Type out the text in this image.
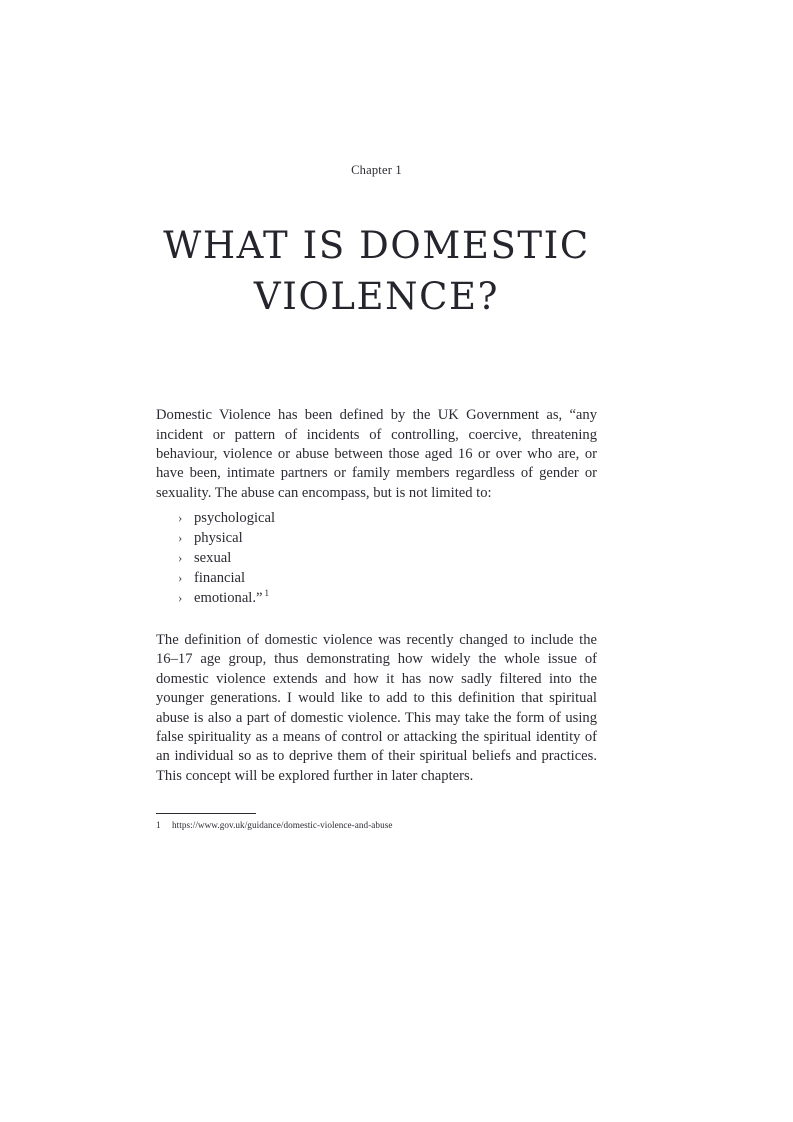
Chapter 1
WHAT IS DOMESTIC
VIOLENCE?

Domestic Violence has been defined by the UK Government as, “any incident or pattern of incidents of controlling, coercive, threatening behaviour, violence or abuse between those aged 16 or over who are, or have been, intimate partners or family members regardless of gender or sexuality. The abuse can encompass, but is not limited to:

› psychological
› physical
› sexual
› financial
› emotional.” $^1$

The definition of domestic violence was recently changed to include the 16–17 age group, thus demonstrating how widely the whole issue of domestic violence extends and how it has now sadly filtered into the younger generations. I would like to add to this definition that spiritual abuse is also a part of domestic violence. This may take the form of using false spirituality as a means of control or attacking the spiritual identity of an individual so as to deprive them of their spiritual beliefs and practices. This concept will be explored further in later chapters.

1	https://www.gov.uk/guidance/domestic-violence-and-abuse
